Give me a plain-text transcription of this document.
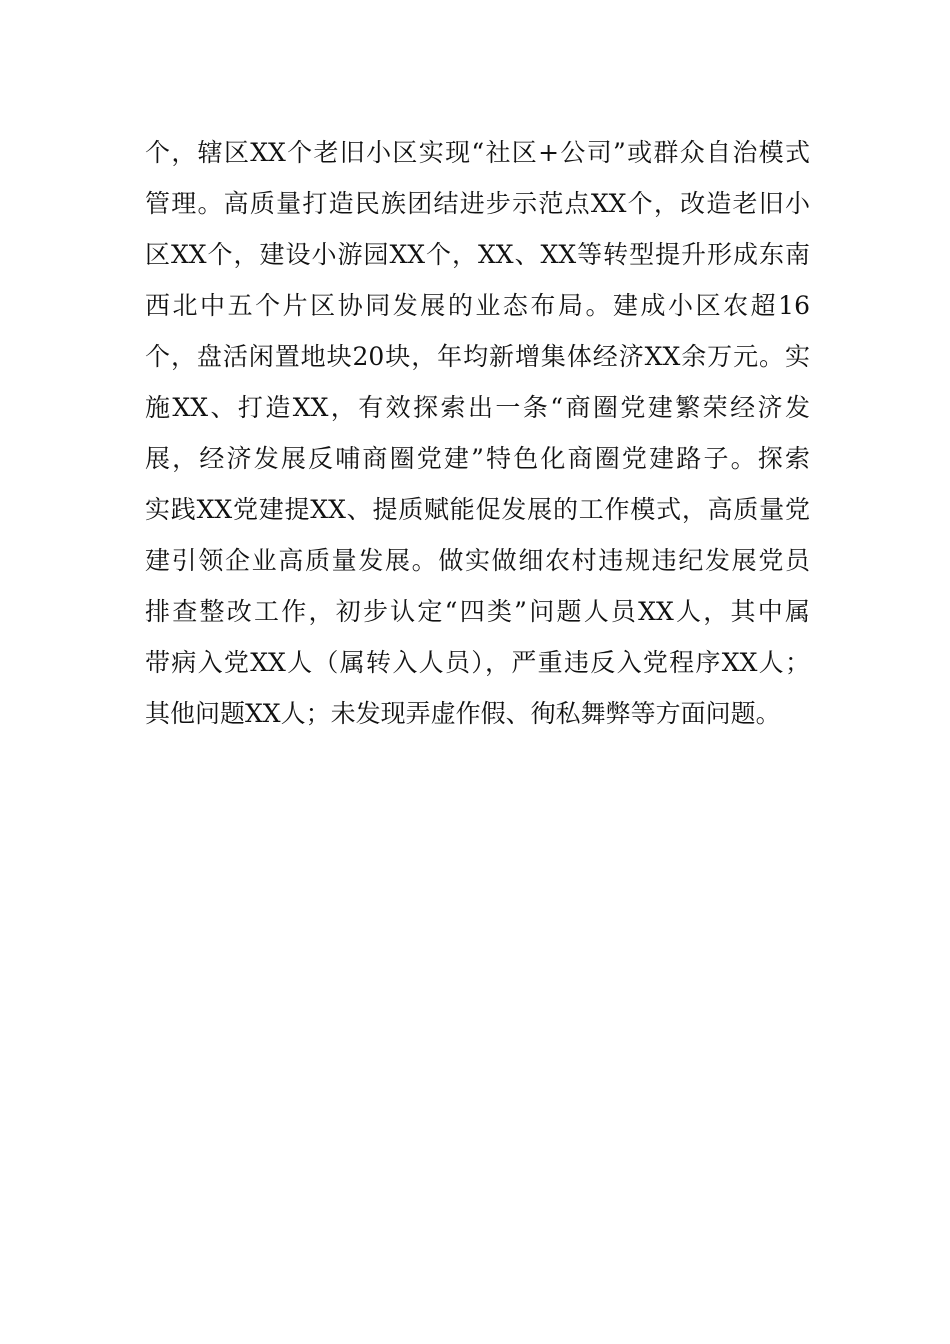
个，辖区XX个老旧小区实现“社区+公司”或群众自治模式
管理。高质量打造民族团结进步示范点XX个，改造老旧小
区XX个，建设小游园XX个，XX、XX等转型提升形成东南
西北中五个片区协同发展的业态布局。建成小区农超16
个，盘活闲置地块20块，年均新增集体经济XX余万元。实
施XX、打造XX，有效探索出一条“商圈党建繁荣经济发
展，经济发展反哺商圈党建”特色化商圈党建路子。探索
实践XX党建提XX、提质赋能促发展的工作模式，高质量党
建引领企业高质量发展。做实做细农村违规违纪发展党员
排查整改工作，初步认定“四类”问题人员XX人，其中属
带病入党XX人（属转入人员），严重违反入党程序XX人；
其他问题XX人；未发现弄虚作假、徇私舞弊等方面问题。
